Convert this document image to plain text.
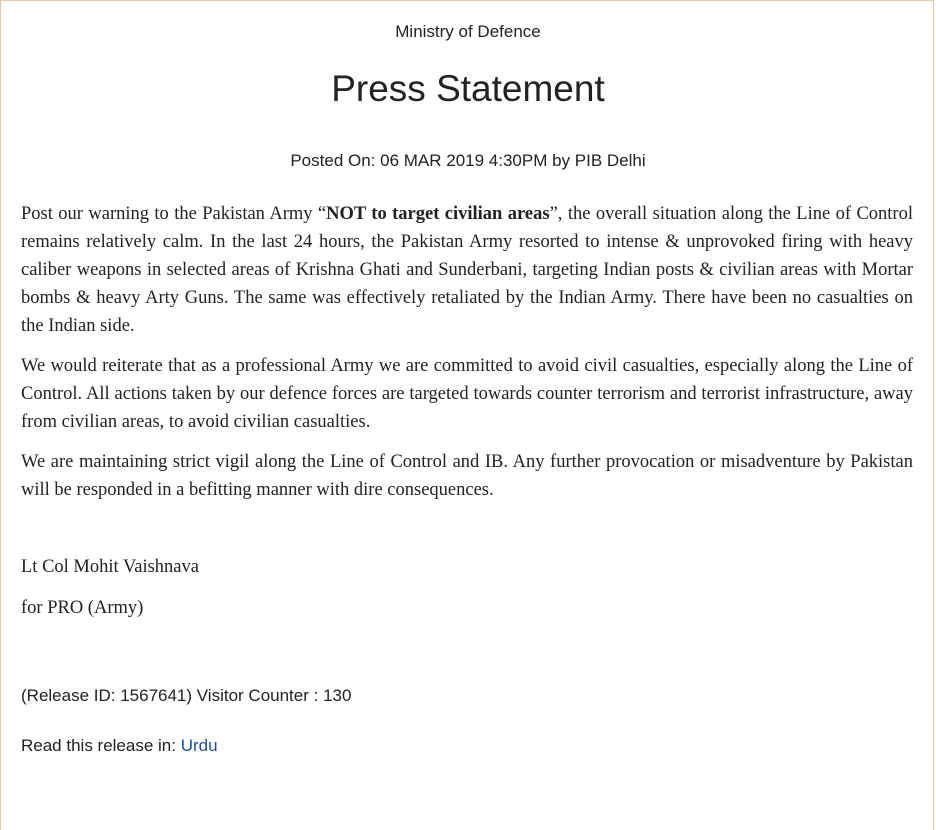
Ministry of Defence
Press Statement
Posted On: 06 MAR 2019 4:30PM by PIB Delhi

Post our warning to the Pakistan Army “NOT to target civilian areas”, the overall situation along the Line of Control remains relatively calm. In the last 24 hours, the Pakistan Army resorted to intense & unprovoked firing with heavy caliber weapons in selected areas of Krishna Ghati and Sunderbani, targeting Indian posts & civilian areas with Mortar bombs & heavy Arty Guns. The same was effectively retaliated by the Indian Army. There have been no casualties on the Indian side.

We would reiterate that as a professional Army we are committed to avoid civil casualties, especially along the Line of Control. All actions taken by our defence forces are targeted towards counter terrorism and terrorist infrastructure, away from civilian areas, to avoid civilian casualties.

We are maintaining strict vigil along the Line of Control and IB. Any further provocation or misadventure by Pakistan will be responded in a befitting manner with dire consequences.

Lt Col Mohit Vaishnava
for PRO (Army)
(Release ID: 1567641) Visitor Counter : 130
Read this release in: Urdu
